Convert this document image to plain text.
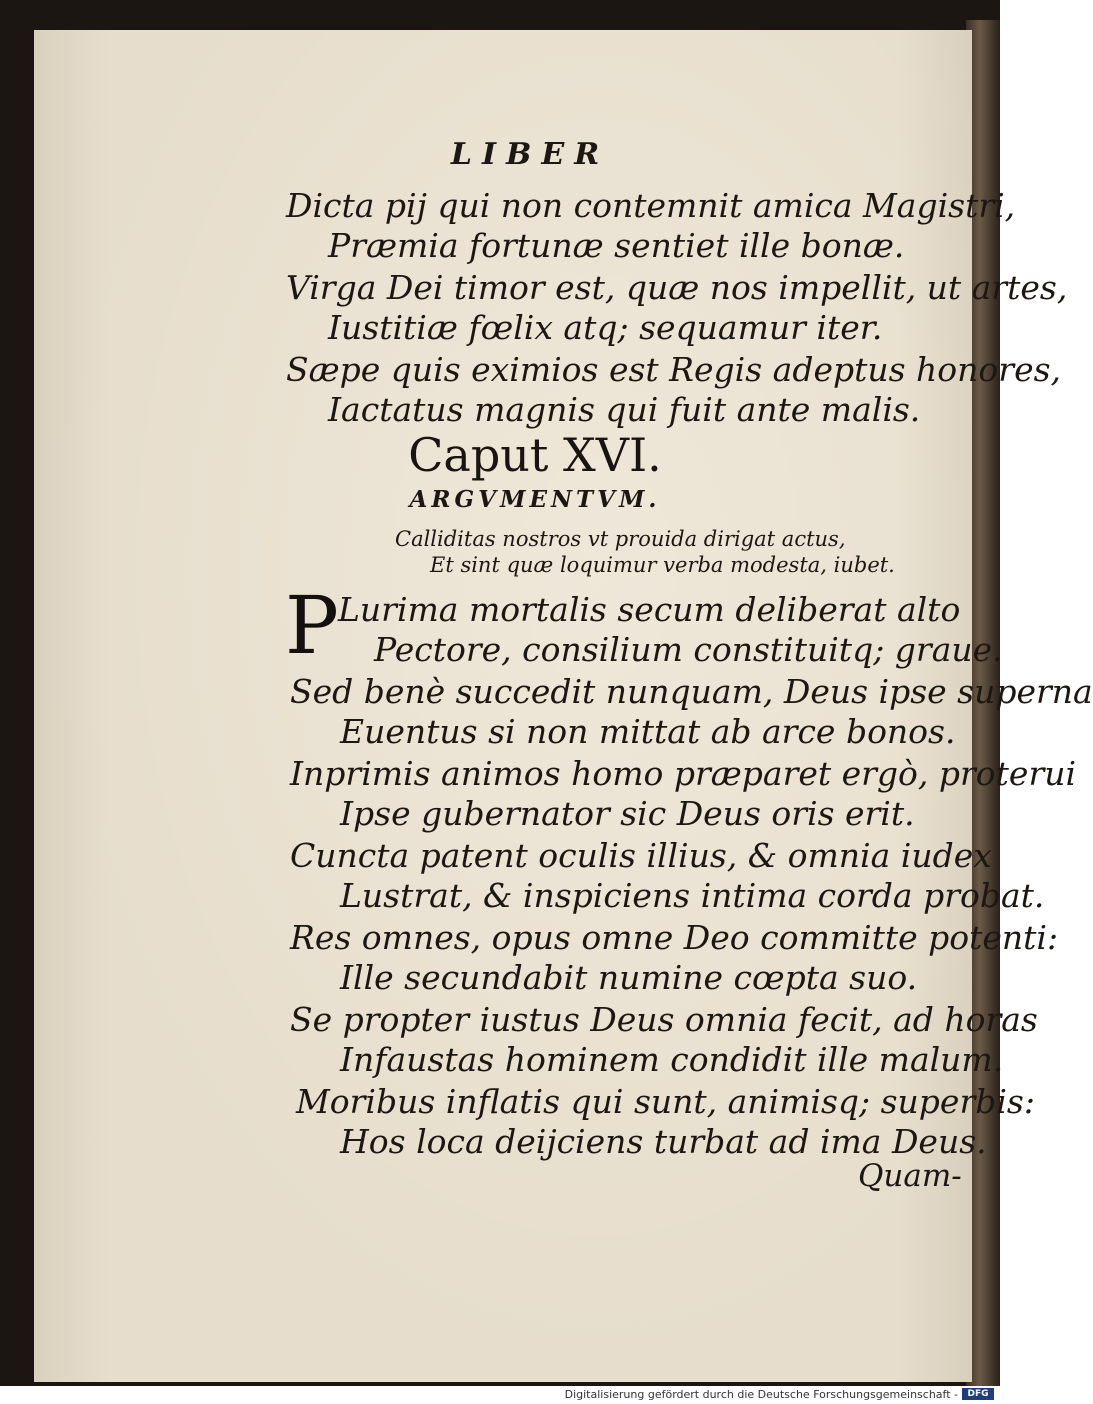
LIBER
Dicta pij qui non contemnit amica Magistri,
Præmia fortunæ sentiet ille bonæ.
Virga Dei timor est, quæ nos impellit, ut artes,
Iustitiæ fœlix atq; sequamur iter.
Sæpe quis eximios est Regis adeptus honores,
Iactatus magnis qui fuit ante malis.
Caput XVI.
ARGVMENTVM.
Calliditas nostros vt prouida dirigat actus,
Et sint quæ loquimur verba modesta, iubet.
P Lurima mortalis secum deliberat alto
Pectore, consilium constituitq; graue.
Sed benè succedit nunquam, Deus ipse superna
Euentus si non mittat ab arce bonos.
Inprimis animos homo præparet ergò, proterui
Ipse gubernator sic Deus oris erit.
Cuncta patent oculis illius, & omnia iudex
Lustrat, & inspiciens intima corda probat.
Res omnes, opus omne Deo committe potenti:
Ille secundabit numine cœpta suo.
Se propter iustus Deus omnia fecit, ad horas
Infaustas hominem condidit ille malum.
Moribus inflatis qui sunt, animisq; superbis:
Hos loca deijciens turbat ad ima Deus.
Quam-
Digitalisierung gefördert durch die Deutsche Forschungsgemeinschaft -	DFG
